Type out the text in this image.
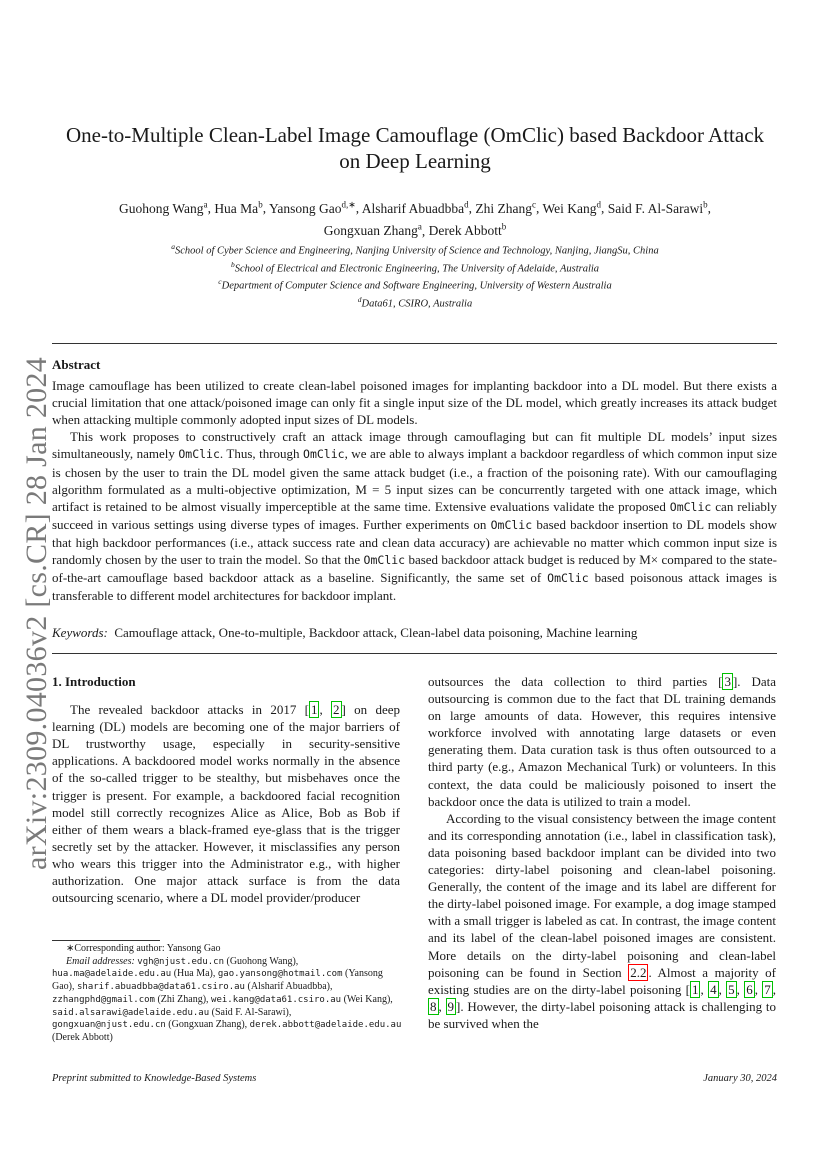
arXiv:2309.04036v2 [cs.CR] 28 Jan 2024
One-to-Multiple Clean-Label Image Camouflage (OmClic) based Backdoor Attack
on Deep Learning
Guohong Wang$^a$, Hua Ma$^b$, Yansong Gao$^{d,∗}$, Alsharif Abuadbba$^d$, Zhi Zhang$^c$, Wei Kang$^d$, Said F. Al-Sarawi$^b$,
Gongxuan Zhang$^a$, Derek Abbott$^b$
$^a$School of Cyber Science and Engineering, Nanjing University of Science and Technology, Nanjing, JiangSu, China
$^b$School of Electrical and Electronic Engineering, The University of Adelaide, Australia
$^c$Department of Computer Science and Software Engineering, University of Western Australia
$^d$Data61, CSIRO, Australia
Abstract

Image camouflage has been utilized to create clean-label poisoned images for implanting backdoor into a DL model. But there exists a crucial limitation that one attack/poisoned image can only fit a single input size of the DL model, which greatly increases its attack budget when attacking multiple commonly adopted input sizes of DL models.

This work proposes to constructively craft an attack image through camouflaging but can fit multiple DL models’ input sizes simultaneously, namely OmClic. Thus, through OmClic, we are able to always implant a backdoor regardless of which common input size is chosen by the user to train the DL model given the same attack budget (i.e., a fraction of the poisoning rate). With our camouflaging algorithm formulated as a multi-objective optimization, M = 5 input sizes can be concurrently targeted with one attack image, which artifact is retained to be almost visually imperceptible at the same time. Extensive evaluations validate the proposed OmClic can reliably succeed in various settings using diverse types of images. Further experiments on OmClic based backdoor insertion to DL models show that high backdoor performances (i.e., attack success rate and clean data accuracy) are achievable no matter which common input size is randomly chosen by the user to train the model. So that the OmClic based backdoor attack budget is reduced by M× compared to the state-of-the-art camouflage based backdoor attack as a baseline. Significantly, the same set of OmClic based poisonous attack images is transferable to different model architectures for backdoor implant.

Keywords: Camouflage attack, One-to-multiple, Backdoor attack, Clean-label data poisoning, Machine learning
1. Introduction

The revealed backdoor attacks in 2017 [ 1 , 2 ] on deep learning (DL) models are becoming one of the major barriers of DL trustworthy usage, especially in security-sensitive applications. A backdoored model works normally in the absence of the so-called trigger to be stealthy, but misbehaves once the trigger is present. For example, a backdoored facial recognition model still correctly recognizes Alice as Alice, Bob as Bob if either of them wears a black-framed eye-glass that is the trigger secretly set by the attacker. However, it misclassifies any person who wears this trigger into the Administrator e.g., with higher authorization. One major attack surface is from the data outsourcing scenario, where a DL model provider/producer

outsources the data collection to third parties [ 3 ]. Data outsourcing is common due to the fact that DL training demands on large amounts of data. However, this requires intensive workforce involved with annotating large datasets or even generating them. Data curation task is thus often outsourced to a third party (e.g., Amazon Mechanical Turk) or volunteers. In this context, the data could be maliciously poisoned to insert the backdoor once the data is utilized to train a model.

According to the visual consistency between the image content and its corresponding annotation (i.e., label in classification task), data poisoning based backdoor implant can be divided into two categories: dirty-label poisoning and clean-label poisoning. Generally, the content of the image and its label are different for the dirty-label poisoned image. For example, a dog image stamped with a small trigger is labeled as cat. In contrast, the image content and its label of the clean-label poisoned images are consistent. More details on the dirty-label poisoning and clean-label poisoning can be found in Section 2.2 . Almost a majority of existing studies are on the dirty-label poisoning [ 1 , 4 , 5 , 6 , 7 , 8 , 9 ]. However, the dirty-label poisoning attack is challenging to be survived when the

∗Corresponding author: Yansong Gao

Email addresses: vgh@njust.edu.cn (Guohong Wang), hua.ma@adelaide.edu.au (Hua Ma), gao.yansong@hotmail.com (Yansong Gao), sharif.abuadbba@data61.csiro.au (Alsharif Abuadbba), zzhangphd@gmail.com (Zhi Zhang), wei.kang@data61.csiro.au (Wei Kang), said.alsarawi@adelaide.edu.au (Said F. Al-Sarawi), gongxuan@njust.edu.cn (Gongxuan Zhang), derek.abbott@adelaide.edu.au (Derek Abbott)

Preprint submitted to Knowledge-Based Systems	January 30, 2024
